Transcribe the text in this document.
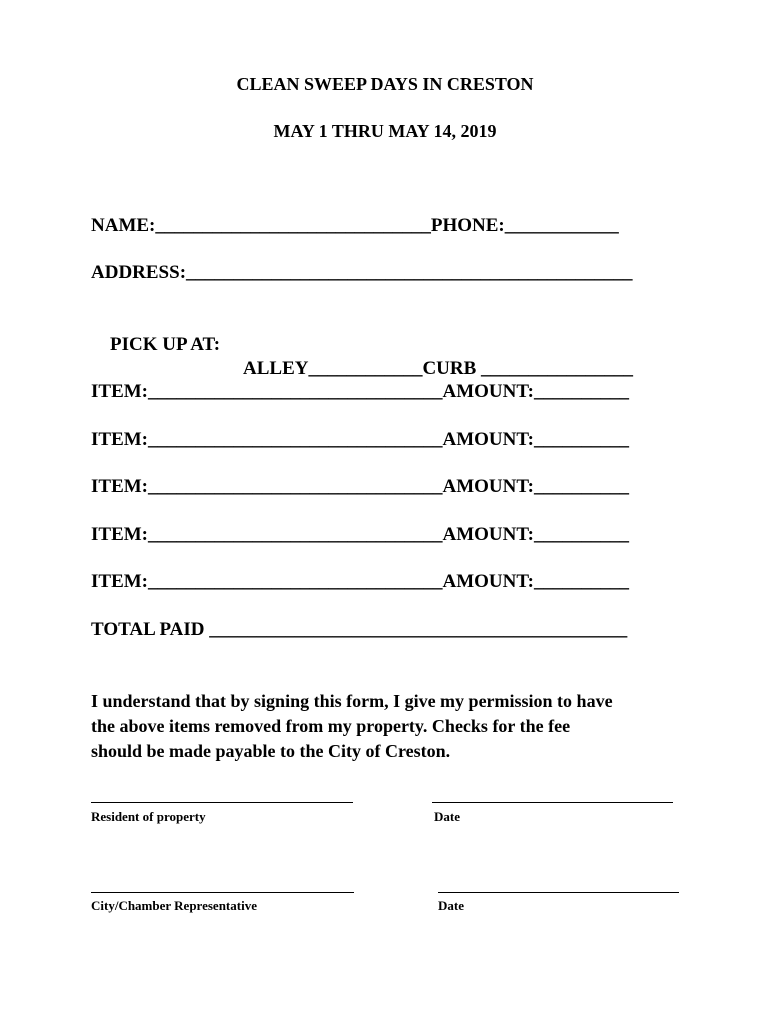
CLEAN SWEEP DAYS IN CRESTON
MAY 1 THRU MAY 14, 2019
NAME:_____________________________PHONE:____________
ADDRESS:_______________________________________________

PICK UP AT:

ALLEY____________CURB ________________

ITEM:_______________________________AMOUNT:__________
ITEM:_______________________________AMOUNT:__________
ITEM:_______________________________AMOUNT:__________
ITEM:_______________________________AMOUNT:__________
ITEM:_______________________________AMOUNT:__________
TOTAL PAID ____________________________________________
I understand that by signing this form, I give my permission to have
the above items removed from my property. Checks for the fee
should be made payable to the City of Creston.
Resident of property	Date
City/Chamber Representative	Date
